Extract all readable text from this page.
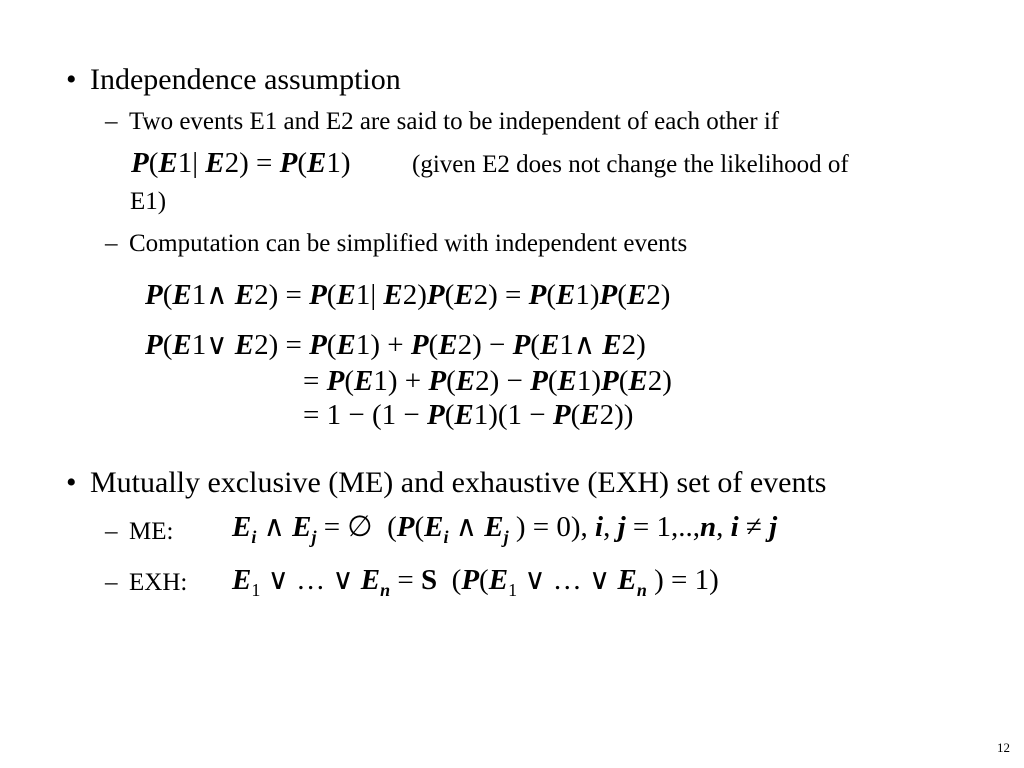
• Independence assumption
– Two events E1 and E2 are said to be independent of each other if
P(E1| E2) = P(E1) (given E2 does not change the likelihood of
E1)
– Computation can be simplified with independent events
P(E1∧ E2) = P(E1| E2)P(E2) = P(E1)P(E2)
P(E1∨ E2) = P(E1) + P(E2) − P(E1∧ E2)
= P(E1) + P(E2) − P(E1)P(E2)
= 1 − (1 − P(E1)(1 − P(E2))
• Mutually exclusive (ME) and exhaustive (EXH) set of events
– ME: $E_i$ ∧ $E_j$ = ∅  ($P(E_i$ ∧ $E_j$ ) = 0), i, j = 1,..,n, i ≠ j
– EXH: $E_1$ ∨ … ∨ $E_n = S$  ($P(E_1$ ∨ … ∨ $E_n$ ) = 1)
12
